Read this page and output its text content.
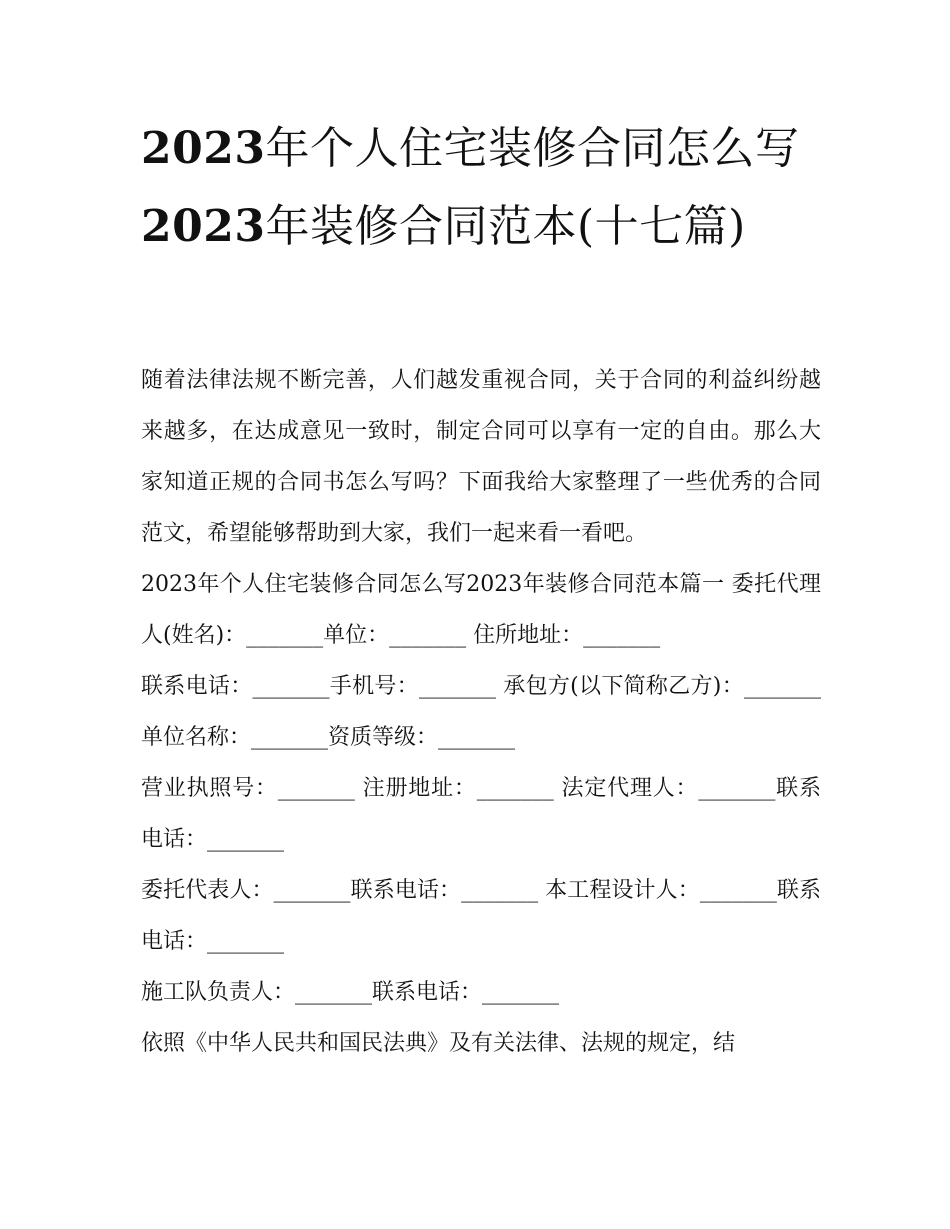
2023年个人住宅装修合同怎么写 2023年装修合同范本(十七篇)

随着法律法规不断完善，人们越发重视合同，关于合同的利益纠纷越来越多，在达成意见一致时，制定合同可以享有一定的自由。那么大家知道正规的合同书怎么写吗？下面我给大家整理了一些优秀的合同范文，希望能够帮助到大家，我们一起来看一看吧。

2023年个人住宅装修合同怎么写2023年装修合同范本篇一 委托代理人(姓名)：_______单位：_______ 住所地址：_______

联系电话：_______手机号：_______ 承包方(以下简称乙方)：_______ 单位名称：_______资质等级：_______

营业执照号：_______ 注册地址：_______ 法定代理人：_______联系电话：_______

委托代表人：_______联系电话：_______ 本工程设计人：_______联系电话：_______

施工队负责人：_______联系电话：_______

依照《中华人民共和国民法典》及有关法律、法规的规定，结
